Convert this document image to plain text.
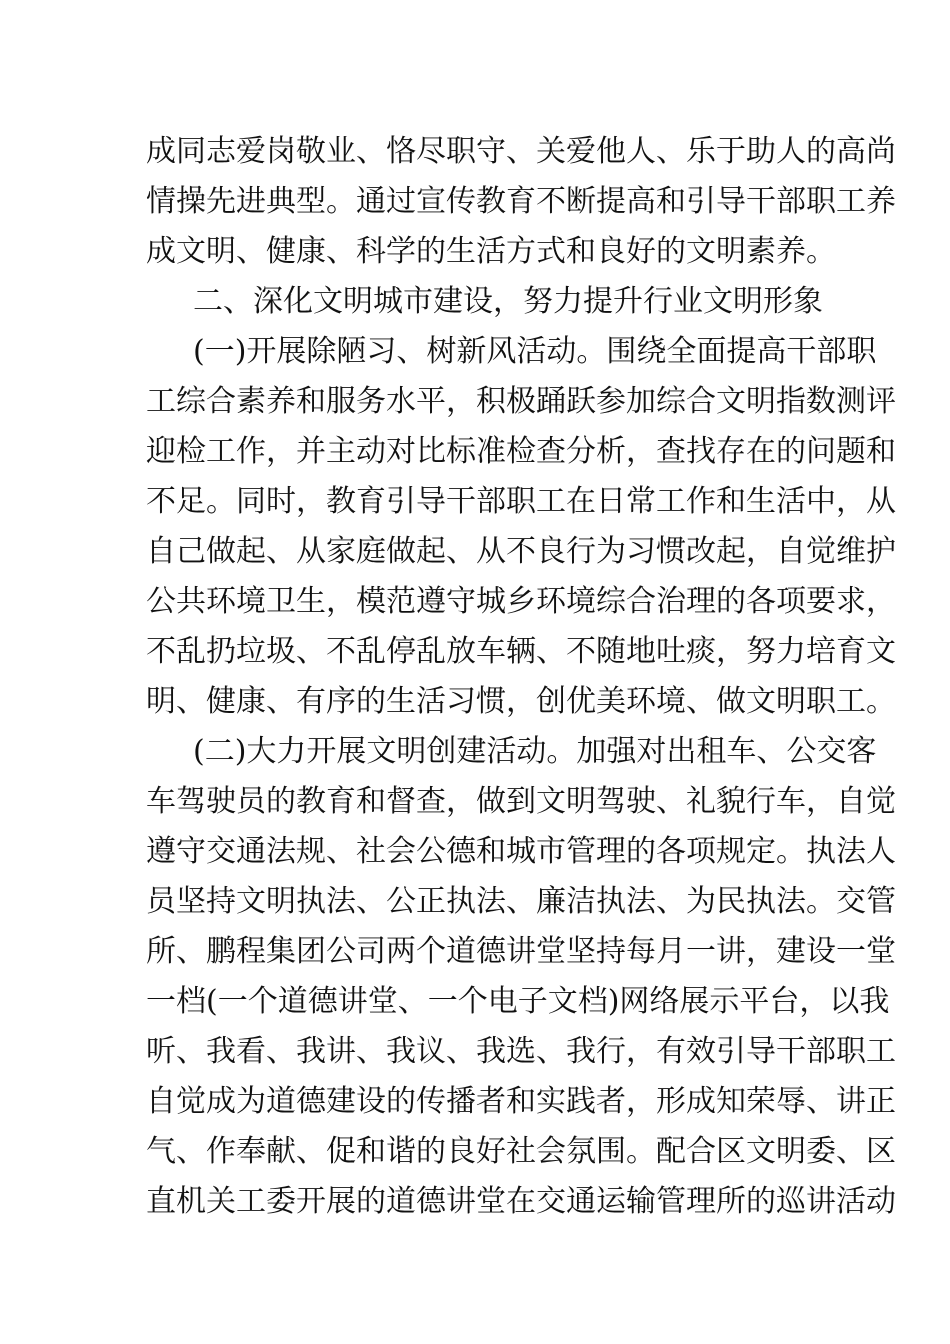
成同志爱岗敬业、恪尽职守、关爱他人、乐于助人的高尚
情操先进典型。通过宣传教育不断提高和引导干部职工养
成文明、健康、科学的生活方式和良好的文明素养。
二、深化文明城市建设，努力提升行业文明形象
(一)开展除陋习、树新风活动。围绕全面提高干部职
工综合素养和服务水平，积极踊跃参加综合文明指数测评
迎检工作，并主动对比标准检查分析，查找存在的问题和
不足。同时，教育引导干部职工在日常工作和生活中，从
自己做起、从家庭做起、从不良行为习惯改起，自觉维护
公共环境卫生，模范遵守城乡环境综合治理的各项要求，
不乱扔垃圾、不乱停乱放车辆、不随地吐痰，努力培育文
明、健康、有序的生活习惯，创优美环境、做文明职工。
(二)大力开展文明创建活动。加强对出租车、公交客
车驾驶员的教育和督查，做到文明驾驶、礼貌行车，自觉
遵守交通法规、社会公德和城市管理的各项规定。执法人
员坚持文明执法、公正执法、廉洁执法、为民执法。交管
所、鹏程集团公司两个道德讲堂坚持每月一讲，建设一堂
一档(一个道德讲堂、一个电子文档)网络展示平台，以我
听、我看、我讲、我议、我选、我行，有效引导干部职工
自觉成为道德建设的传播者和实践者，形成知荣辱、讲正
气、作奉献、促和谐的良好社会氛围。配合区文明委、区
直机关工委开展的道德讲堂在交通运输管理所的巡讲活动
